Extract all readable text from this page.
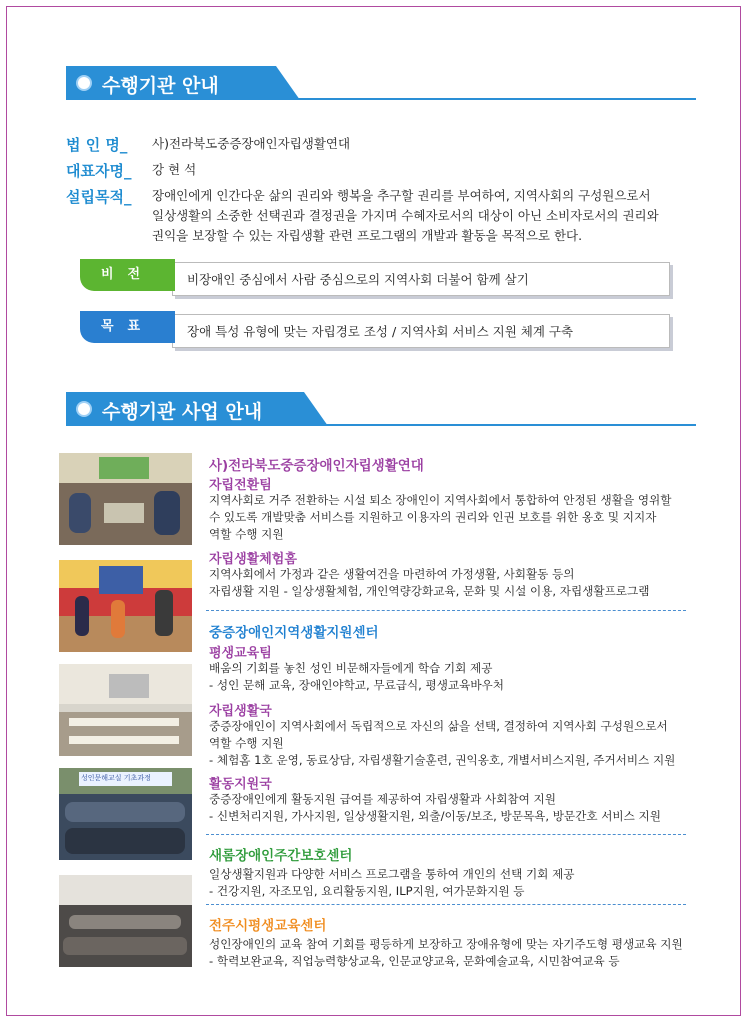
수행기관 안내
법 인 명_ 사)전라북도중증장애인자립생활연대
대표자명_ 강 현 석
설립목적_ 장애인에게 인간다운 삶의 권리와 행복을 추구할 권리를 부여하여, 지역사회의 구성원으로서
일상생활의 소중한 선택권과 결정권을 가지며 수혜자로서의 대상이 아닌 소비자로서의 권리와
권익을 보장할 수 있는 자립생활 관련 프로그램의 개발과 활동을 목적으로 한다.
비장애인 중심에서 사람 중심으로의 지역사회 더불어 함께 살기
비전
장애 특성 유형에 맞는 자립경로 조성 / 지역사회 서비스 지원 체계 구축
목표
수행기관 사업 안내
성인문해교실 기초과정
사)전라북도중증장애인자립생활연대
자립전환팀
지역사회로 거주 전환하는 시설 퇴소 장애인이 지역사회에서 통합하여 안정된 생활을 영위할
수 있도록 개발맞춤 서비스를 지원하고 이용자의 권리와 인권 보호를 위한 옹호 및 지지자
역할 수행 지원
자립생활체험홈
지역사회에서 가정과 같은 생활여건을 마련하여 가정생활, 사회활동 등의
자립생활 지원 - 일상생활체험, 개인역량강화교육, 문화 및 시설 이용, 자립생활프로그램
중증장애인지역생활지원센터
평생교육팀
배움의 기회를 놓친 성인 비문해자들에게 학습 기회 제공
- 성인 문해 교육, 장애인야학교, 무료급식, 평생교육바우처
자립생활국
중증장애인이 지역사회에서 독립적으로 자신의 삶을 선택, 결정하여 지역사회 구성원으로서
역할 수행 지원
- 체험홈 1호 운영, 동료상담, 자립생활기술훈련, 권익옹호, 개별서비스지원, 주거서비스 지원
활동지원국
중증장애인에게 활동지원 급여를 제공하여 자립생활과 사회참여 지원
- 신변처리지원, 가사지원, 일상생활지원, 외출/이동/보조, 방문목욕, 방문간호 서비스 지원
새롬장애인주간보호센터
일상생활지원과 다양한 서비스 프로그램을 통하여 개인의 선택 기회 제공
- 건강지원, 자조모임, 요리활동지원, ILP지원, 여가문화지원 등
전주시평생교육센터
성인장애인의 교육 참여 기회를 평등하게 보장하고 장애유형에 맞는 자기주도형 평생교육 지원
- 학력보완교육, 직업능력향상교육, 인문교양교육, 문화예술교육, 시민참여교육 등
